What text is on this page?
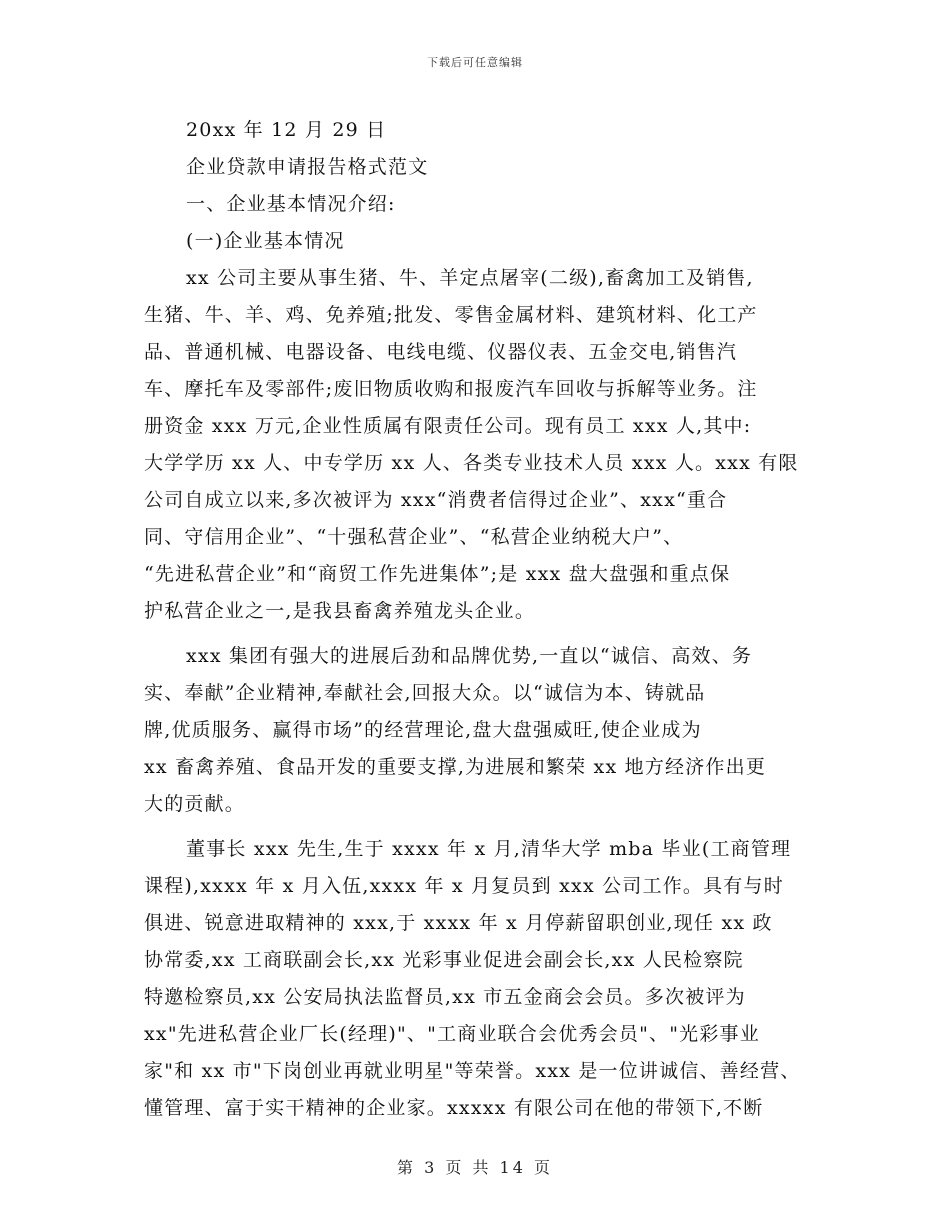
下载后可任意编辑
20xx 年 12 月 29 日
企业贷款申请报告格式范文
一、企业基本情况介绍:
(一)企业基本情况
xx 公司主要从事生猪、牛、羊定点屠宰(二级),畜禽加工及销售,
生猪、牛、羊、鸡、免养殖;批发、零售金属材料、建筑材料、化工产
品、普通机械、电器设备、电线电缆、仪器仪表、五金交电,销售汽
车、摩托车及零部件;废旧物质收购和报废汽车回收与拆解等业务。注
册资金 xxx 万元,企业性质属有限责任公司。现有员工 xxx 人,其中:
大学学历 xx 人、中专学历 xx 人、各类专业技术人员 xxx 人。xxx 有限
公司自成立以来,多次被评为 xxx“消费者信得过企业”、xxx“重合
同、守信用企业”、“十强私营企业”、“私营企业纳税大户”、
“先进私营企业”和“商贸工作先进集体”;是 xxx 盘大盘强和重点保
护私营企业之一,是我县畜禽养殖龙头企业。
xxx 集团有强大的进展后劲和品牌优势,一直以“诚信、高效、务
实、奉献”企业精神,奉献社会,回报大众。以“诚信为本、铸就品
牌,优质服务、赢得市场”的经营理论,盘大盘强威旺,使企业成为
xx 畜禽养殖、食品开发的重要支撑,为进展和繁荣 xx 地方经济作出更
大的贡献。
董事长 xxx 先生,生于 xxxx 年 x 月,清华大学 mba 毕业(工商管理
课程),xxxx 年 x 月入伍,xxxx 年 x 月复员到 xxx 公司工作。具有与时
俱进、锐意进取精神的 xxx,于 xxxx 年 x 月停薪留职创业,现任 xx 政
协常委,xx 工商联副会长,xx 光彩事业促进会副会长,xx 人民检察院
特邀检察员,xx 公安局执法监督员,xx 市五金商会会员。多次被评为
xx"先进私营企业厂长(经理)"、"工商业联合会优秀会员"、"光彩事业
家"和 xx 市"下岗创业再就业明星"等荣誉。xxx 是一位讲诚信、善经营、
懂管理、富于实干精神的企业家。xxxxx 有限公司在他的带领下,不断
第 3 页 共 14 页
